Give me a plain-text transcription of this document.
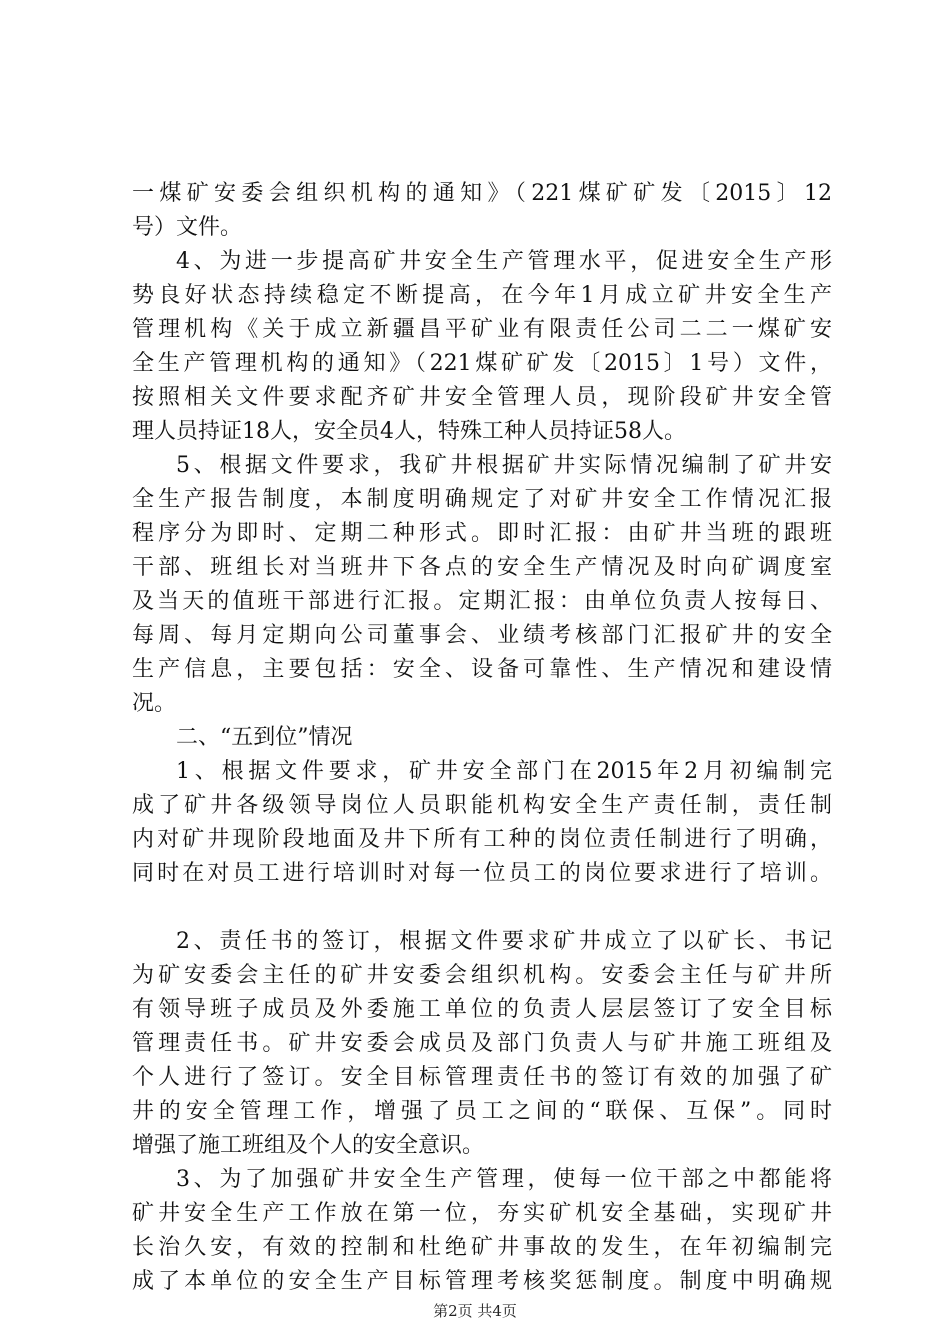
一煤矿安委会组织机构的通知》（221煤矿矿发〔2015〕12
号）文件。
4、为进一步提高矿井安全生产管理水平，促进安全生产形
势良好状态持续稳定不断提高，在今年1月成立矿井安全生产
管理机构《关于成立新疆昌平矿业有限责任公司二二一煤矿安
全生产管理机构的通知》（221煤矿矿发〔2015〕1号）文件，
按照相关文件要求配齐矿井安全管理人员，现阶段矿井安全管
理人员持证18人，安全员4人，特殊工种人员持证58人。
5、根据文件要求，我矿井根据矿井实际情况编制了矿井安
全生产报告制度，本制度明确规定了对矿井安全工作情况汇报
程序分为即时、定期二种形式。即时汇报：由矿井当班的跟班
干部、班组长对当班井下各点的安全生产情况及时向矿调度室
及当天的值班干部进行汇报。定期汇报：由单位负责人按每日、
每周、每月定期向公司董事会、业绩考核部门汇报矿井的安全
生产信息，主要包括：安全、设备可靠性、生产情况和建设情
况。
二、“五到位”情况
1、根据文件要求，矿井安全部门在2015年2月初编制完
成了矿井各级领导岗位人员职能机构安全生产责任制，责任制
内对矿井现阶段地面及井下所有工种的岗位责任制进行了明确，
同时在对员工进行培训时对每一位员工的岗位要求进行了培训。
2、责任书的签订，根据文件要求矿井成立了以矿长、书记
为矿安委会主任的矿井安委会组织机构。安委会主任与矿井所
有领导班子成员及外委施工单位的负责人层层签订了安全目标
管理责任书。矿井安委会成员及部门负责人与矿井施工班组及
个人进行了签订。安全目标管理责任书的签订有效的加强了矿
井的安全管理工作，增强了员工之间的“联保、互保”。同时
增强了施工班组及个人的安全意识。
3、为了加强矿井安全生产管理，使每一位干部之中都能将
矿井安全生产工作放在第一位，夯实矿机安全基础，实现矿井
长治久安，有效的控制和杜绝矿井事故的发生，在年初编制完
成了本单位的安全生产目标管理考核奖惩制度。制度中明确规
第2页 共4页
